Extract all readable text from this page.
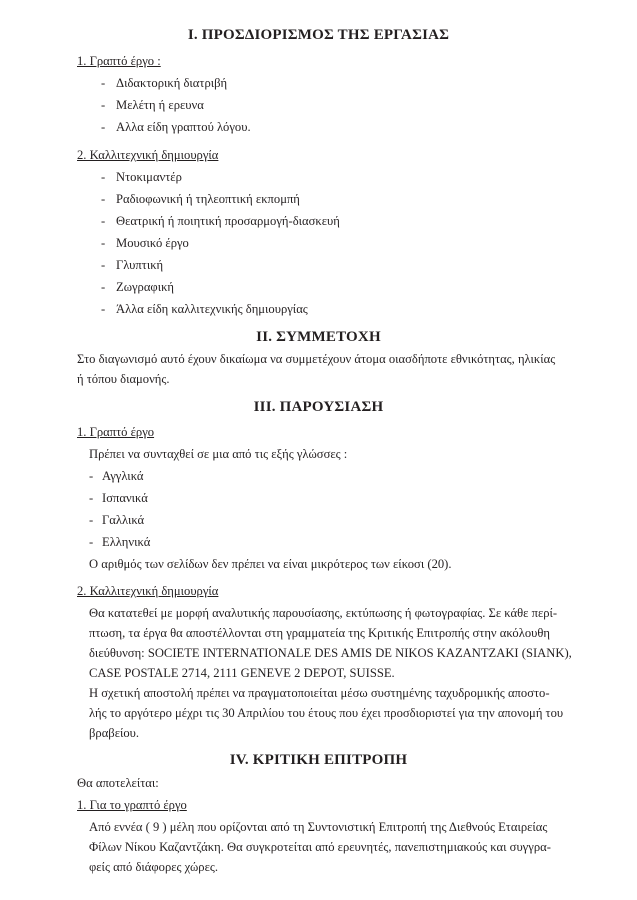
Ι. ΠΡΟΣΔΙΟΡΙΣΜΟΣ ΤΗΣ ΕΡΓΑΣΙΑΣ
1. Γραπτό έργο :
- Διδακτορική διατριβή
- Μελέτη ή ερευνα
- Αλλα είδη γραπτού λόγου.
2. Καλλιτεχνική δημιουργία
- Ντοκιμαντέρ
- Ραδιοφωνική ή τηλεοπτική εκπομπή
- Θεατρική ή ποιητική προσαρμογή-διασκευή
- Μουσικό έργο
- Γλυπτική
- Ζωγραφική
- Άλλα είδη καλλιτεχνικής δημιουργίας
ΙΙ. ΣΥΜΜΕΤΟΧΗ
Στο διαγωνισμό αυτό έχουν δικαίωμα να συμμετέχουν άτομα οιασδήποτε εθνικότητας, ηλικίας
ή τόπου διαμονής.
ΙΙΙ. ΠΑΡΟΥΣΙΑΣΗ
1. Γραπτό έργο
Πρέπει να συνταχθεί σε μια από τις εξής γλώσσες :
- Αγγλικά
- Ισπανικά
- Γαλλικά
- Ελληνικά
Ο αριθμός των σελίδων δεν πρέπει να είναι μικρότερος των είκοσι (20).
2. Καλλιτεχνική δημιουργία
Θα κατατεθεί με μορφή αναλυτικής παρουσίασης, εκτύπωσης ή φωτογραφίας. Σε κάθε περί-
πτωση, τα έργα θα αποστέλλονται στη γραμματεία της Κριτικής Επιτροπής στην ακόλουθη
διεύθυνση: SOCIETE INTERNATIONALE DES AMIS DE NIKOS KAZANTZAKI (SIANK),
CASE POSTALE 2714, 2111 GENEVE 2 DEPOT, SUISSE.
Η σχετική αποστολή πρέπει να πραγματοποιείται μέσω συστημένης ταχυδρομικής αποστο-
λής το αργότερο μέχρι τις 30 Απριλίου του έτους που έχει προσδιοριστεί για την απονομή του
βραβείου.
ΙV. ΚΡΙΤΙΚΗ ΕΠΙΤΡΟΠΗ
Θα αποτελείται:
1. Για το γραπτό έργο
Από εννέα ( 9 ) μέλη που ορίζονται από τη Συντονιστική Επιτροπή της Διεθνούς Εταιρείας
Φίλων Νίκου Καζαντζάκη. Θα συγκροτείται από ερευνητές, πανεπιστημιακούς και συγγρα-
φείς από διάφορες χώρες.
